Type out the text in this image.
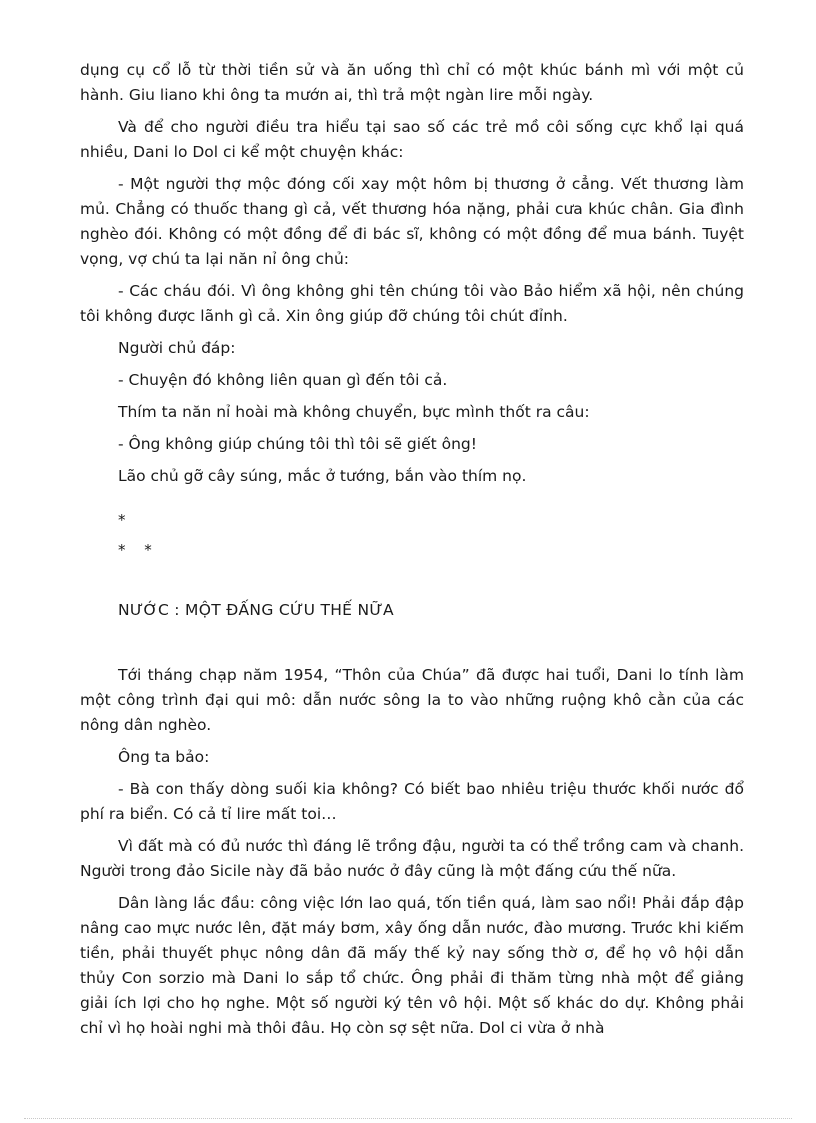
dụng cụ cổ lỗ từ thời tiền sử và ăn uống thì chỉ có một khúc bánh mì với một củ hành. Giu liano khi ông ta mướn ai, thì trả một ngàn lire mỗi ngày.

Và để cho người điều tra hiểu tại sao số các trẻ mồ côi sống cực khổ lại quá nhiều, Dani lo Dol ci kể một chuyện khác:

- Một người thợ mộc đóng cối xay một hôm bị thương ở cẳng. Vết thương làm mủ. Chẳng có thuốc thang gì cả, vết thương hóa nặng, phải cưa khúc chân. Gia đình nghèo đói. Không có một đồng để đi bác sĩ, không có một đồng để mua bánh. Tuyệt vọng, vợ chú ta lại năn nỉ ông chủ:

- Các cháu đói. Vì ông không ghi tên chúng tôi vào Bảo hiểm xã hội, nên chúng tôi không được lãnh gì cả. Xin ông giúp đỡ chúng tôi chút đỉnh.

Người chủ đáp:

- Chuyện đó không liên quan gì đến tôi cả.

Thím ta năn nỉ hoài mà không chuyển, bực mình thốt ra câu:

- Ông không giúp chúng tôi thì tôi sẽ giết ông!

Lão chủ gỡ cây súng, mắc ở tướng, bắn vào thím nọ.

*
* *
NƯỚC : MỘT ĐẤNG CỨU THẾ NỮA

Tới tháng chạp năm 1954, “Thôn của Chúa” đã được hai tuổi, Dani lo tính làm một công trình đại qui mô: dẫn nước sông Ia to vào những ruộng khô cằn của các nông dân nghèo.

Ông ta bảo:

- Bà con thấy dòng suối kia không? Có biết bao nhiêu triệu thước khối nước đổ phí ra biển. Có cả tỉ lire mất toi…

Vì đất mà có đủ nước thì đáng lẽ trồng đậu, người ta có thể trồng cam và chanh. Người trong đảo Sicile này đã bảo nước ở đây cũng là một đấng cứu thế nữa.

Dân làng lắc đầu: công việc lớn lao quá, tốn tiền quá, làm sao nổi! Phải đắp đập nâng cao mực nước lên, đặt máy bơm, xây ống dẫn nước, đào mương. Trước khi kiếm tiền, phải thuyết phục nông dân đã mấy thế kỷ nay sống thờ ơ, để họ vô hội dẫn thủy Con sorzio mà Dani lo sắp tổ chức. Ông phải đi thăm từng nhà một để giảng giải ích lợi cho họ nghe. Một số người ký tên vô hội. Một số khác do dự. Không phải chỉ vì họ hoài nghi mà thôi đâu. Họ còn sợ sệt nữa. Dol ci vừa ở nhà
